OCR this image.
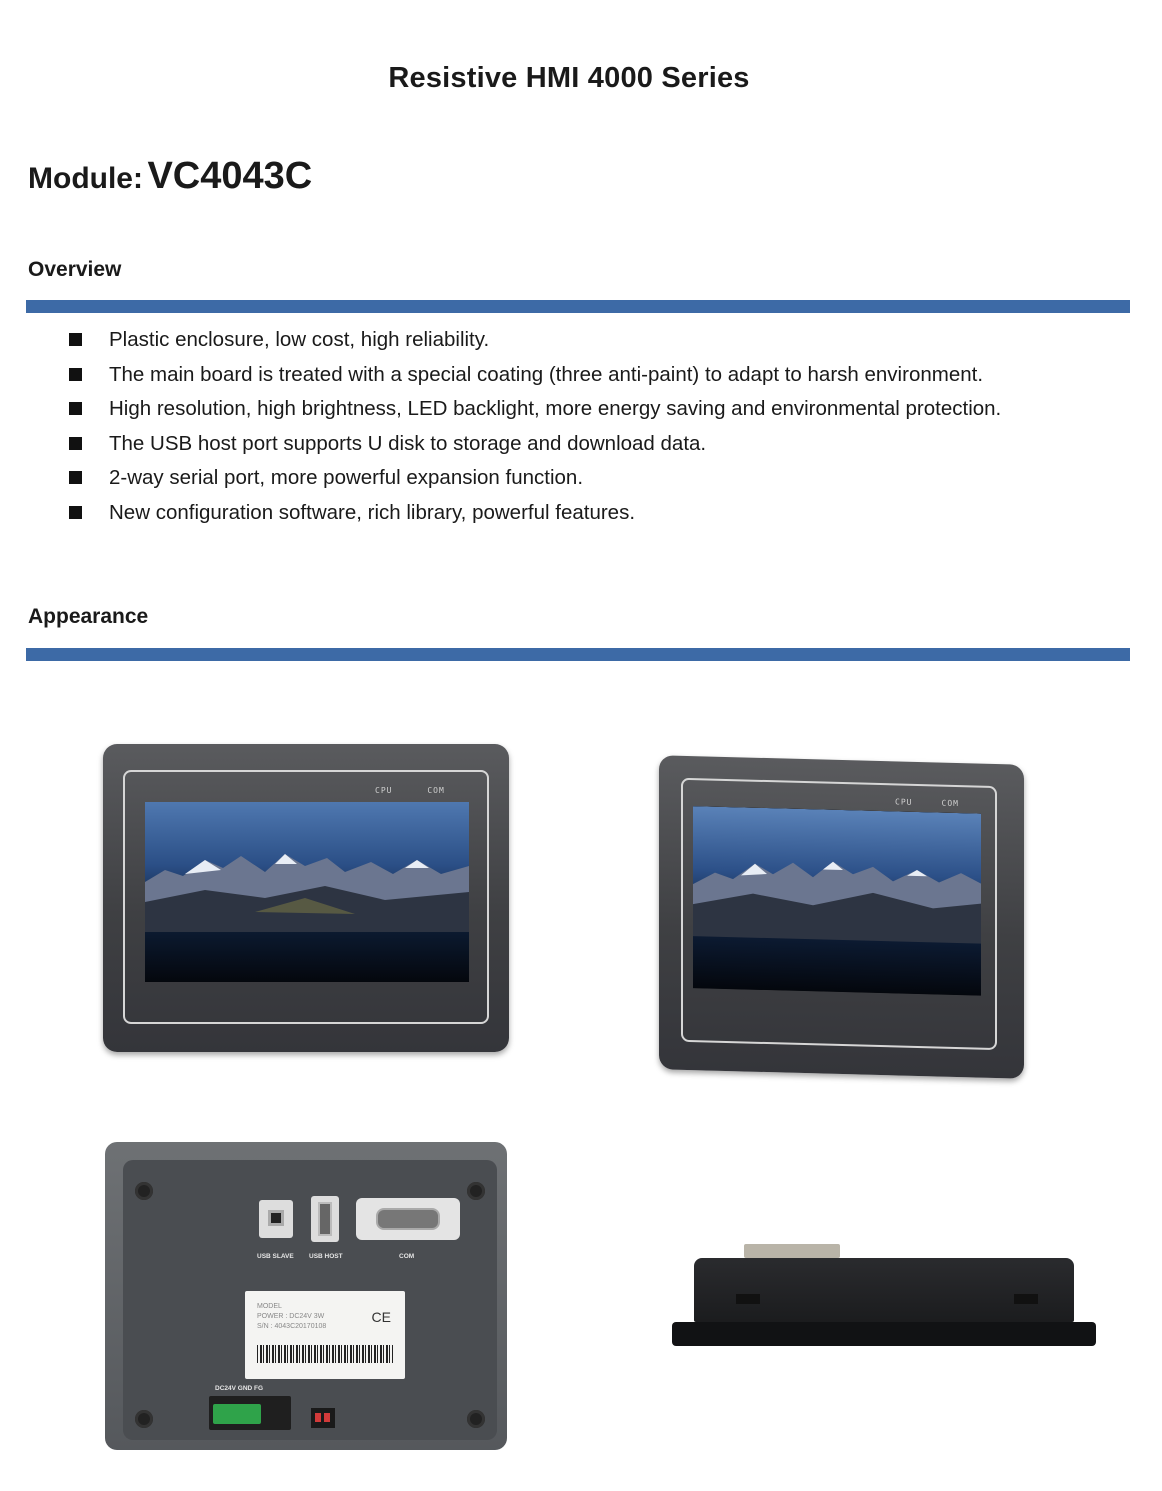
Resistive HMI 4000 Series
Module: VC4043C
Overview
Plastic enclosure, low cost, high reliability.
The main board is treated with a special coating (three anti-paint) to adapt to harsh environment.
High resolution, high brightness, LED backlight, more energy saving and environmental protection.
The USB host port supports U disk to storage and download data.
2-way serial port, more powerful expansion function.
New configuration software, rich library, powerful features.
Appearance
CPU	COM
CPU	COM
USB SLAVE USB HOST	COM
MODEL
POWER : DC24V 3W
S/N : 4043C20170108
CE
DC24V GND FG
